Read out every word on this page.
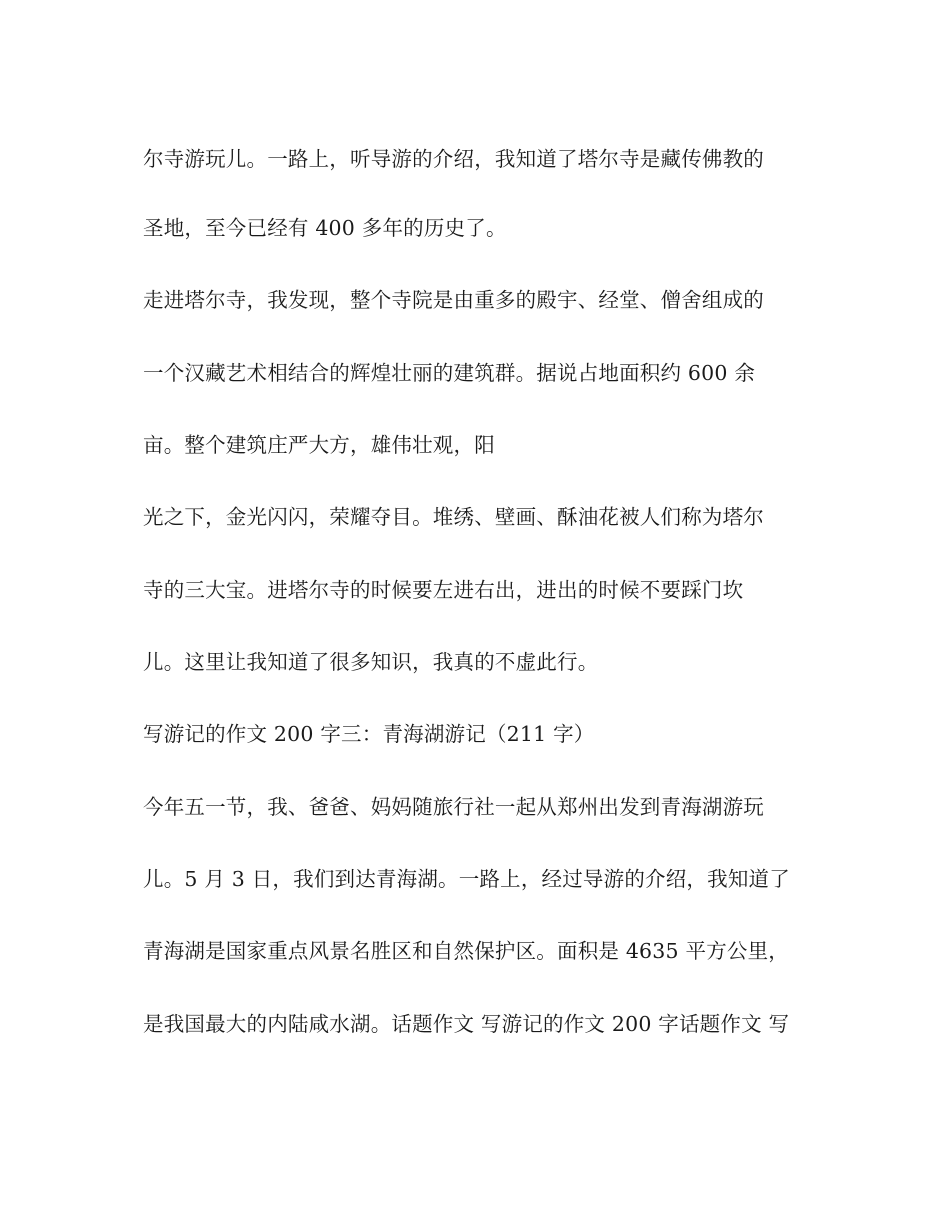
尔寺游玩儿。一路上，听导游的介绍，我知道了塔尔寺是藏传佛教的
圣地，至今已经有 400 多年的历史了。
走进塔尔寺，我发现，整个寺院是由重多的殿宇、经堂、僧舍组成的
一个汉藏艺术相结合的辉煌壮丽的建筑群。据说占地面积约 600 余
亩。整个建筑庄严大方，雄伟壮观，阳
光之下，金光闪闪，荣耀夺目。堆绣、壁画、酥油花被人们称为塔尔
寺的三大宝。进塔尔寺的时候要左进右出，进出的时候不要踩门坎
儿。这里让我知道了很多知识，我真的不虚此行。
写游记的作文 200 字三：青海湖游记（211 字）
今年五一节，我、爸爸、妈妈随旅行社一起从郑州出发到青海湖游玩
儿。5 月 3 日，我们到达青海湖。一路上，经过导游的介绍，我知道了
青海湖是国家重点风景名胜区和自然保护区。面积是 4635 平方公里，
是我国最大的内陆咸水湖。话题作文 写游记的作文 200 字话题作文 写
